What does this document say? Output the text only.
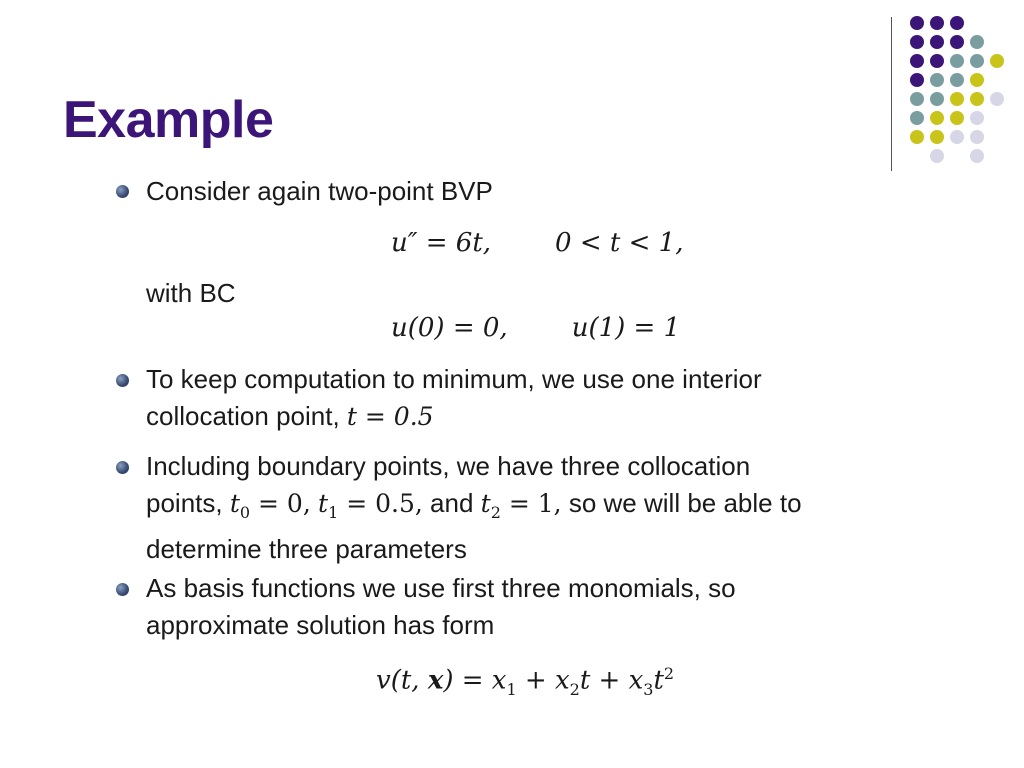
Example

Consider again two-point BVP

u″ = 6t, 0 < t < 1,

with BC

u(0) = 0, u(1) = 1
To keep computation to minimum, we use one interior
collocation point, t = 0.5
Including boundary points, we have three collocation
points, $t_0 = 0$, $t_1 = 0.5$, and $t_2 = 1$, so we will be able to
determine three parameters
As basis functions we use first three monomials, so
approximate solution has form
v(t, $x) = x_1 + x_2t + x_3t^2$
